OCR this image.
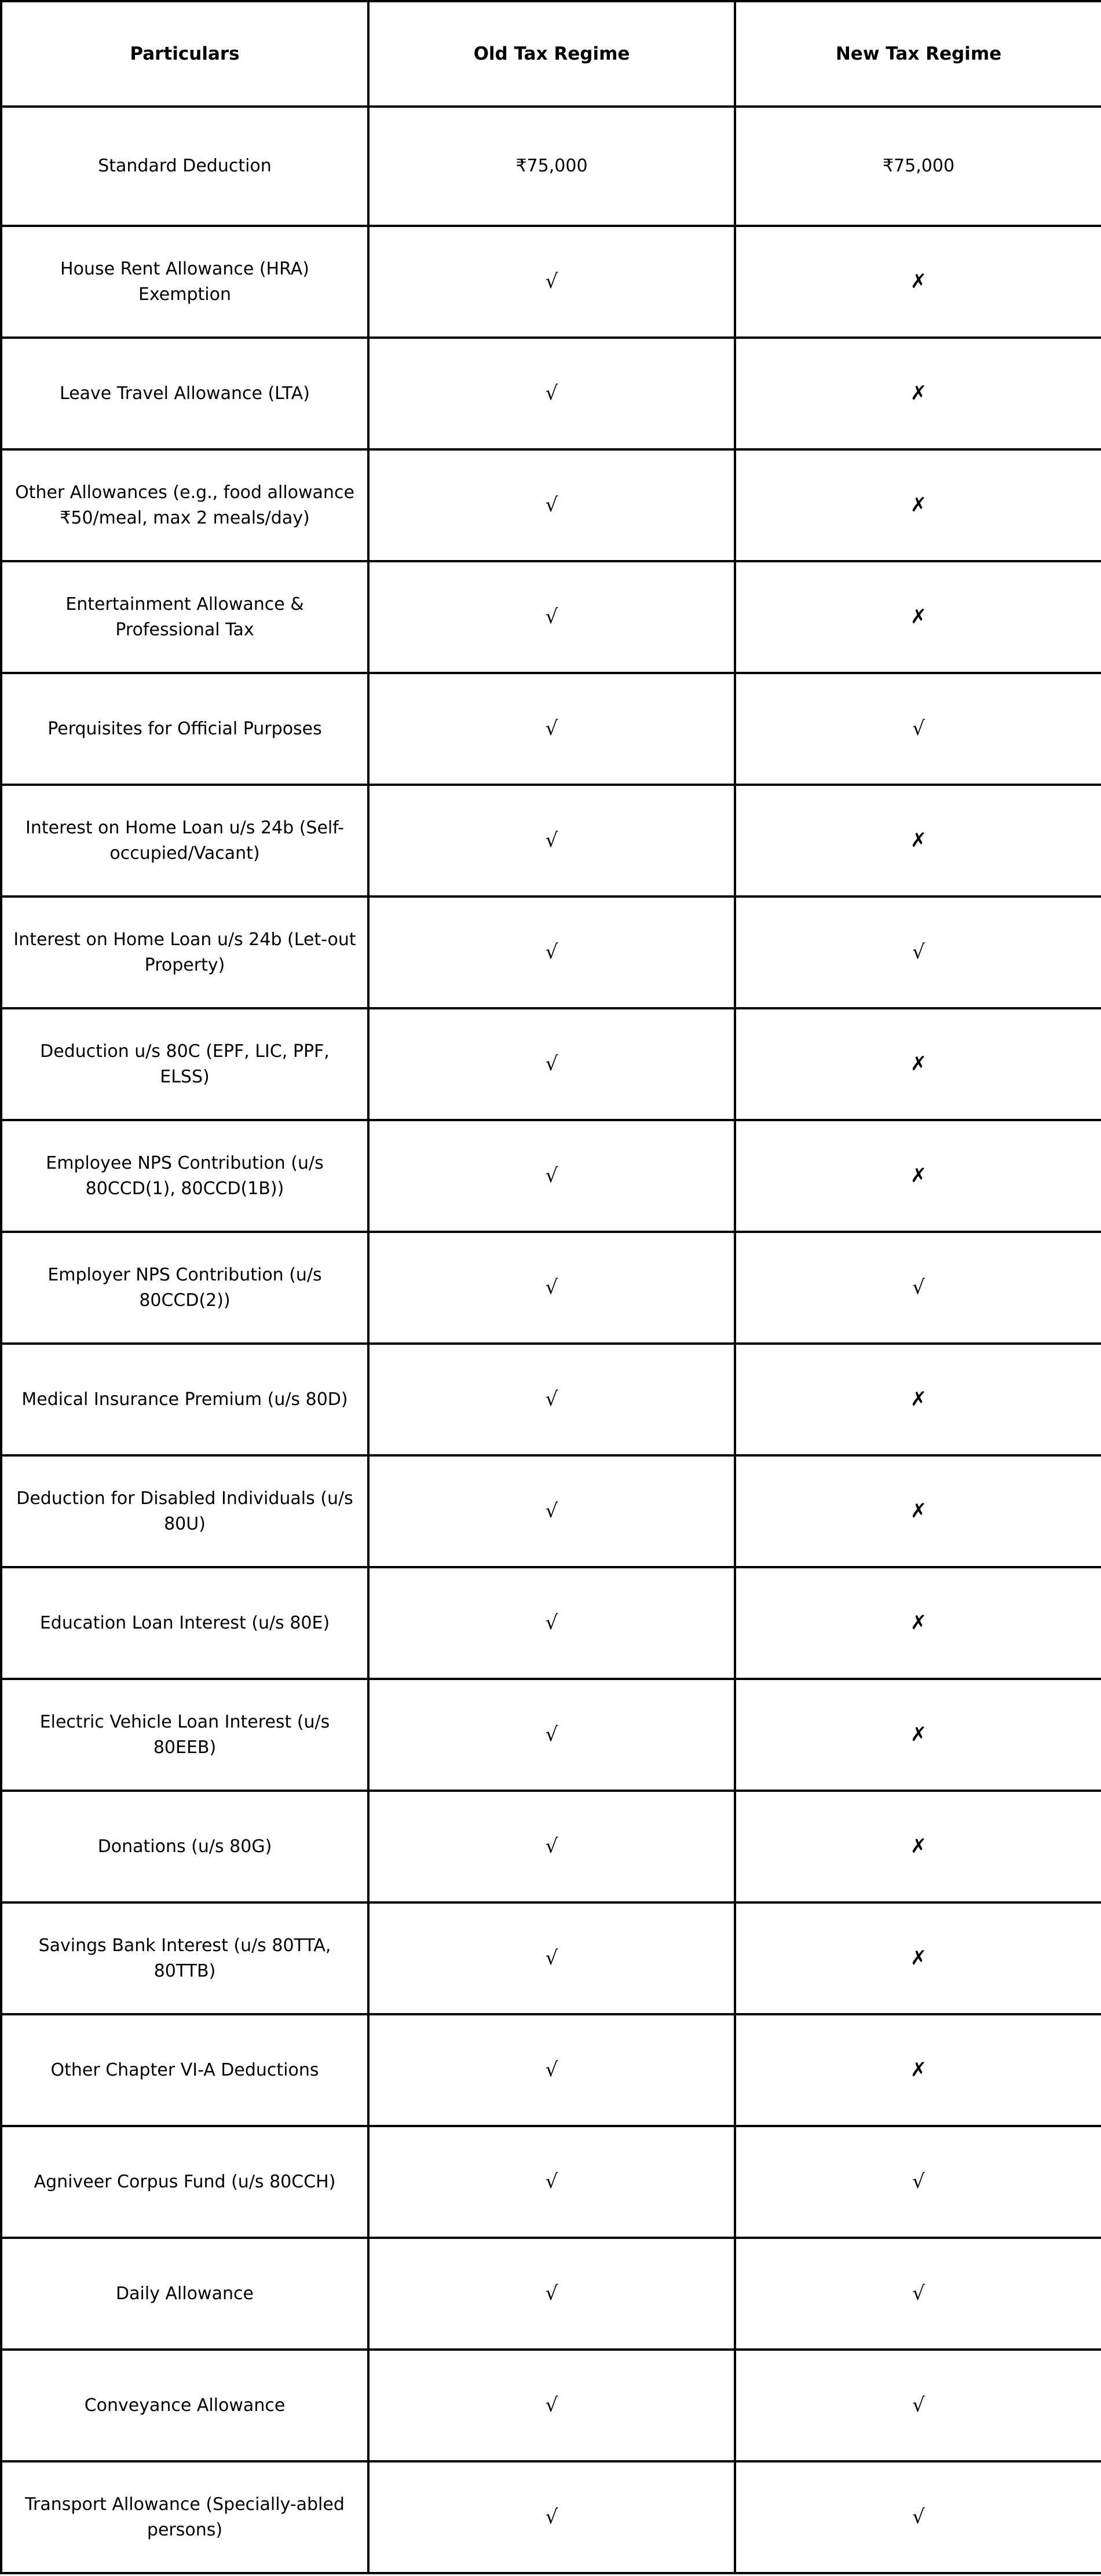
Particulars	Old Tax Regime	New Tax Regime
Standard Deduction	₹75,000	₹75,000
House Rent Allowance (HRA) Exemption	√	✗
Leave Travel Allowance (LTA)	√	✗
Other Allowances (e.g., food allowance ₹50/meal, max 2 meals/day)	√	✗
Entertainment Allowance & Professional Tax	√	✗
Perquisites for Official Purposes	√	√
Interest on Home Loan u/s 24b (Self-occupied/Vacant)	√	✗
Interest on Home Loan u/s 24b (Let-out Property)	√	√
Deduction u/s 80C (EPF, LIC, PPF, ELSS)	√	✗
Employee NPS Contribution (u/s 80CCD(1), 80CCD(1B))	√	✗
Employer NPS Contribution (u/s 80CCD(2))	√	√
Medical Insurance Premium (u/s 80D)	√	✗
Deduction for Disabled Individuals (u/s 80U)	√	✗
Education Loan Interest (u/s 80E)	√	✗
Electric Vehicle Loan Interest (u/s 80EEB)	√	✗
Donations (u/s 80G)	√	✗
Savings Bank Interest (u/s 80TTA, 80TTB)	√	✗
Other Chapter VI-A Deductions	√	✗
Agniveer Corpus Fund (u/s 80CCH)	√	√
Daily Allowance	√	√
Conveyance Allowance	√	√
Transport Allowance (Specially-abled persons)	√	√
